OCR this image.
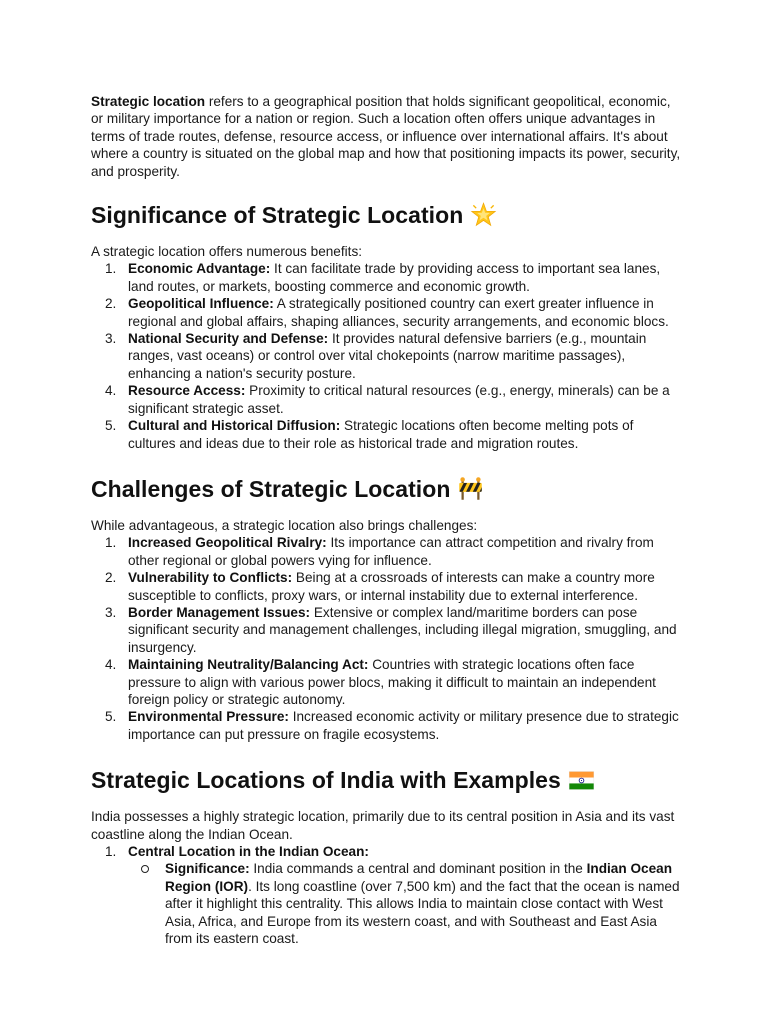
Strategic location refers to a geographical position that holds significant geopolitical, economic, or military importance for a nation or region. Such a location often offers unique advantages in terms of trade routes, defense, resource access, or influence over international affairs. It's about where a country is situated on the global map and how that positioning impacts its power, security, and prosperity.

Significance of Strategic Location

A strategic location offers numerous benefits:

1. Economic Advantage: It can facilitate trade by providing access to important sea lanes, land routes, or markets, boosting commerce and economic growth.
2. Geopolitical Influence: A strategically positioned country can exert greater influence in regional and global affairs, shaping alliances, security arrangements, and economic blocs.
3. National Security and Defense: It provides natural defensive barriers (e.g., mountain ranges, vast oceans) or control over vital chokepoints (narrow maritime passages), enhancing a nation's security posture.
4. Resource Access: Proximity to critical natural resources (e.g., energy, minerals) can be a significant strategic asset.
5. Cultural and Historical Diffusion: Strategic locations often become melting pots of cultures and ideas due to their role as historical trade and migration routes.
Challenges of Strategic Location

While advantageous, a strategic location also brings challenges:

1. Increased Geopolitical Rivalry: Its importance can attract competition and rivalry from other regional or global powers vying for influence.
2. Vulnerability to Conflicts: Being at a crossroads of interests can make a country more susceptible to conflicts, proxy wars, or internal instability due to external interference.
3. Border Management Issues: Extensive or complex land/maritime borders can pose significant security and management challenges, including illegal migration, smuggling, and insurgency.
4. Maintaining Neutrality/Balancing Act: Countries with strategic locations often face pressure to align with various power blocs, making it difficult to maintain an independent foreign policy or strategic autonomy.
5. Environmental Pressure: Increased economic activity or military presence due to strategic importance can put pressure on fragile ecosystems.
Strategic Locations of India with Examples

India possesses a highly strategic location, primarily due to its central position in Asia and its vast coastline along the Indian Ocean.

1. Central Location in the Indian Ocean:
Significance: India commands a central and dominant position in the Indian Ocean Region (IOR). Its long coastline (over 7,500 km) and the fact that the ocean is named after it highlight this centrality. This allows India to maintain close contact with West Asia, Africa, and Europe from its western coast, and with Southeast and East Asia from its eastern coast.
